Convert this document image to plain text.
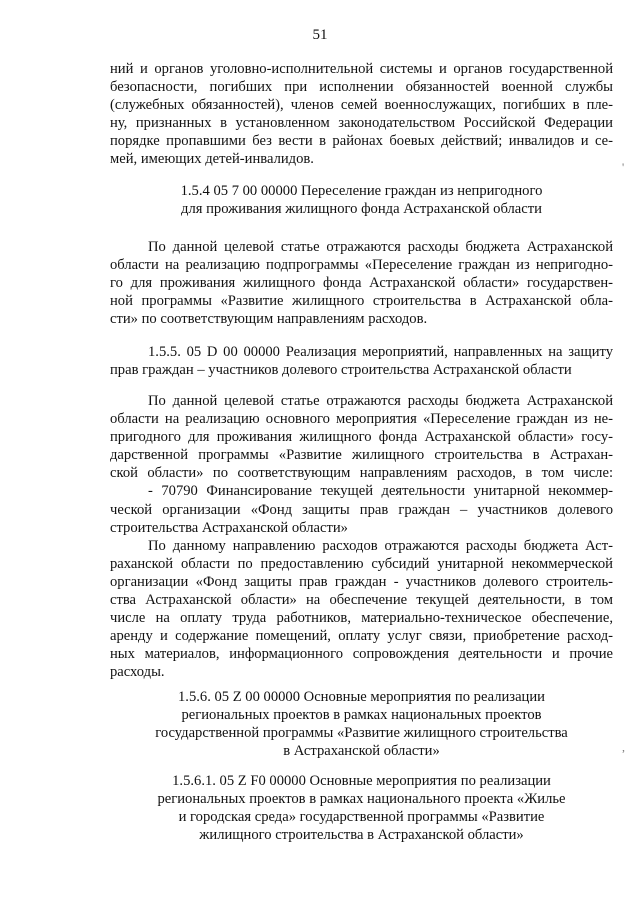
51
ний и органов уголовно-исполнительной системы и органов государственной
безопасности, погибших при исполнении обязанностей военной службы
(служебных обязанностей), членов семей военнослужащих, погибших в пле-
ну, признанных в установленном законодательством Российской Федерации
порядке пропавшими без вести в районах боевых действий; инвалидов и се-
мей, имеющих детей-инвалидов.
1.5.4 05 7 00 00000 Переселение граждан из непригодного
для проживания жилищного фонда Астраханской области
По данной целевой статье отражаются расходы бюджета Астраханской
области на реализацию подпрограммы «Переселение граждан из непригодно-
го для проживания жилищного фонда Астраханской области» государствен-
ной программы «Развитие жилищного строительства в Астраханской обла-
сти» по соответствующим направлениям расходов.
1.5.5. 05 D 00 00000 Реализация мероприятий, направленных на защиту
прав граждан – участников долевого строительства Астраханской области
По данной целевой статье отражаются расходы бюджета Астраханской
области на реализацию основного мероприятия «Переселение граждан из не-
пригодного для проживания жилищного фонда Астраханской области» госу-
дарственной программы «Развитие жилищного строительства в Астрахан-
ской области» по соответствующим направлениям расходов, в том числе:
- 70790 Финансирование текущей деятельности унитарной некоммер-
ческой организации «Фонд защиты прав граждан – участников долевого
строительства Астраханской области»
По данному направлению расходов отражаются расходы бюджета Аст-
раханской области по предоставлению субсидий унитарной некоммерческой
организации «Фонд защиты прав граждан - участников долевого строитель-
ства Астраханской области» на обеспечение текущей деятельности, в том
числе на оплату труда работников, материально-техническое обеспечение,
аренду и содержание помещений, оплату услуг связи, приобретение расход-
ных материалов, информационного сопровождения деятельности и прочие
расходы.
1.5.6. 05 Z 00 00000 Основные мероприятия по реализации
региональных проектов в рамках национальных проектов
государственной программы «Развитие жилищного строительства
в Астраханской области»
1.5.6.1. 05 Z F0 00000 Основные мероприятия по реализации
региональных проектов в рамках национального проекта «Жилье
и городская среда» государственной программы «Развитие
жилищного строительства в Астраханской области»
'
,
